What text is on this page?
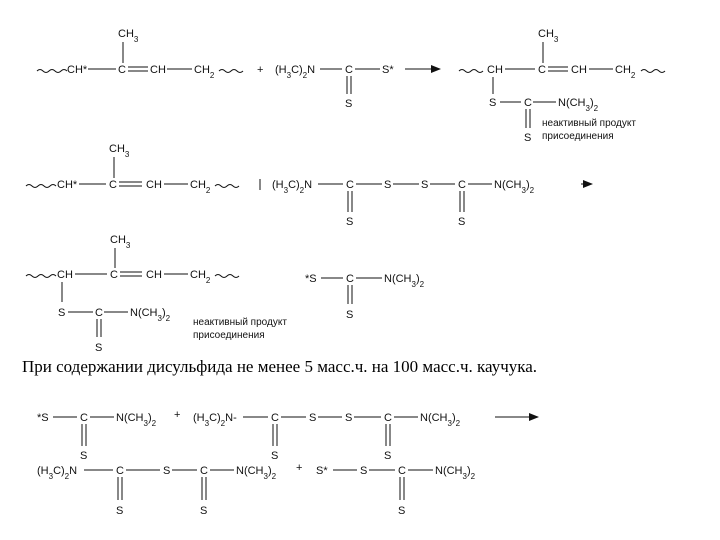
CH*
$CH_3$
C CH	$CH_2$	+ $(H_3C)_2N$	C
S
S*	CH
$CH_3$
C CH	$CH_2$
S	C $N(CH_3)_2$
S
неактивный продукт
присоединения
CH*
$CH_3$
C	CH	$CH_2$	$(H_3C)_2N$	C
S
S	S	C
S
$N(CH_3)_2$
$CH_3$
CH	C	CH	$CH_2$
S	C $N(CH_3)_2$
S
неактивный продукт
присоединения
*S	C
S
$N(CH_3)_2$
*S	C
S
$N(CH_3)_2$
+ $(H_3C)_2N-$	C
S
S	S	C
S
$N(CH_3)_2$
$(H_3C)_2N$	C
S
S	C
S
$N(CH_3)_2$
+ S*	S	C
S
$N(CH_3)_2$
При содержании дисульфида не менее 5 масс.ч. на 100 масс.ч. каучука.
